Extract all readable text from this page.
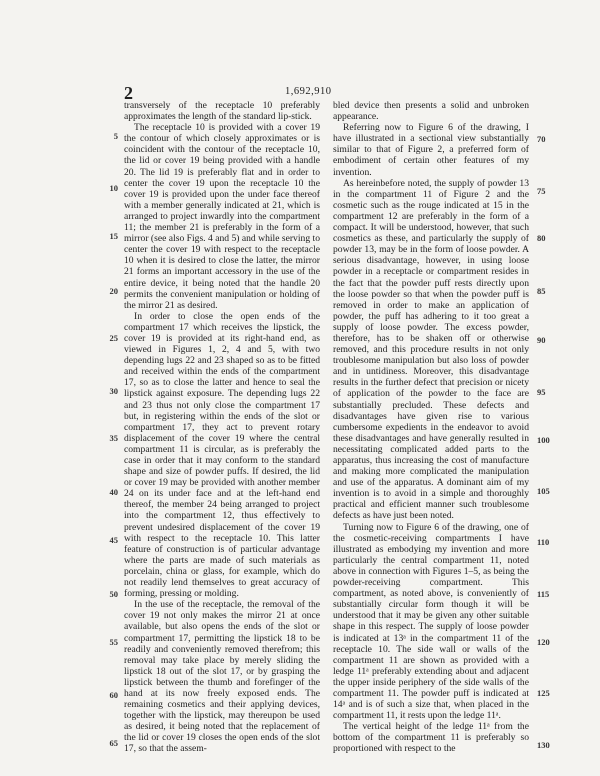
2	1,692,910

transversely of the receptacle 10 preferably approximates the length of the standard lip-stick.

The receptacle 10 is provided with a cover 19 the contour of which closely approximates or is coincident with the contour of the receptacle 10, the lid or cover 19 being provided with a handle 20. The lid 19 is preferably flat and in order to center the cover 19 upon the receptacle 10 the cover 19 is provided upon the under face thereof with a member generally indicated at 21, which is arranged to project inwardly into the compartment 11; the member 21 is preferably in the form of a mirror (see also Figs. 4 and 5) and while serving to center the cover 19 with respect to the receptacle 10 when it is desired to close the latter, the mirror 21 forms an important accessory in the use of the entire device, it being noted that the handle 20 permits the convenient manipulation or holding of the mirror 21 as desired.

In order to close the open ends of the compartment 17 which receives the lipstick, the cover 19 is provided at its right-hand end, as viewed in Figures 1, 2, 4 and 5, with two depending lugs 22 and 23 shaped so as to be fitted and received within the ends of the compartment 17, so as to close the latter and hence to seal the lipstick against exposure. The depending lugs 22 and 23 thus not only close the compartment 17 but, in registering within the ends of the slot or compartment 17, they act to prevent rotary displacement of the cover 19 where the central compartment 11 is circular, as is preferably the case in order that it may conform to the standard shape and size of powder puffs. If desired, the lid or cover 19 may be provided with another member 24 on its under face and at the left-hand end thereof, the member 24 being arranged to project into the compartment 12, thus effectively to prevent undesired displacement of the cover 19 with respect to the receptacle 10. This latter feature of construction is of particular advantage where the parts are made of such materials as porcelain, china or glass, for example, which do not readily lend themselves to great accuracy of forming, pressing or molding.

In the use of the receptacle, the removal of the cover 19 not only makes the mirror 21 at once available, but also opens the ends of the slot or compartment 17, permitting the lipstick 18 to be readily and conveniently removed therefrom; this removal may take place by merely sliding the lipstick 18 out of the slot 17, or by grasping the lipstick between the thumb and forefinger of the hand at its now freely exposed ends. The remaining cosmetics and their applying devices, together with the lipstick, may thereupon be used as desired, it being noted that the replacement of the lid or cover 19 closes the open ends of the slot 17, so that the assem-

bled device then presents a solid and unbroken appearance.

Referring now to Figure 6 of the drawing, I have illustrated in a sectional view substantially similar to that of Figure 2, a preferred form of embodiment of certain other features of my invention.

As hereinbefore noted, the supply of powder 13 in the compartment 11 of Figure 2 and the cosmetic such as the rouge indicated at 15 in the compartment 12 are preferably in the form of a compact. It will be understood, however, that such cosmetics as these, and particularly the supply of powder 13, may be in the form of loose powder. A serious disadvantage, however, in using loose powder in a receptacle or compartment resides in the fact that the powder puff rests directly upon the loose powder so that when the powder puff is removed in order to make an application of powder, the puff has adhering to it too great a supply of loose powder. The excess powder, therefore, has to be shaken off or otherwise removed, and this procedure results in not only troublesome manipulation but also loss of powder and in untidiness. Moreover, this disadvantage results in the further defect that precision or nicety of application of the powder to the face are substantially precluded. These defects and disadvantages have given rise to various cumbersome expedients in the endeavor to avoid these disadvantages and have generally resulted in necessitating complicated added parts to the apparatus, thus increasing the cost of manufacture and making more complicated the manipulation and use of the apparatus. A dominant aim of my invention is to avoid in a simple and thoroughly practical and efficient manner such troublesome defects as have just been noted.

Turning now to Figure 6 of the drawing, one of the cosmetic-receiving compartments I have illustrated as embodying my invention and more particularly the central compartment 11, noted above in connection with Figures 1–5, as being the powder-receiving compartment. This compartment, as noted above, is conveniently of substantially circular form though it will be understood that it may be given any other suitable shape in this respect. The supply of loose powder is indicated at 13ᵃ in the compartment 11 of the receptacle 10. The side wall or walls of the compartment 11 are shown as provided with a ledge 11ᵃ preferably extending about and adjacent the upper inside periphery of the side walls of the compartment 11. The powder puff is indicated at 14ᵃ and is of such a size that, when placed in the compartment 11, it rests upon the ledge 11ᵃ.

The vertical height of the ledge 11ᵃ from the bottom of the compartment 11 is preferably so proportioned with respect to the

5
10
15
20
25
30
35
40
45
50
55
60
65
70
75
80
85
90
95
100
105
110
115
120
125
130
